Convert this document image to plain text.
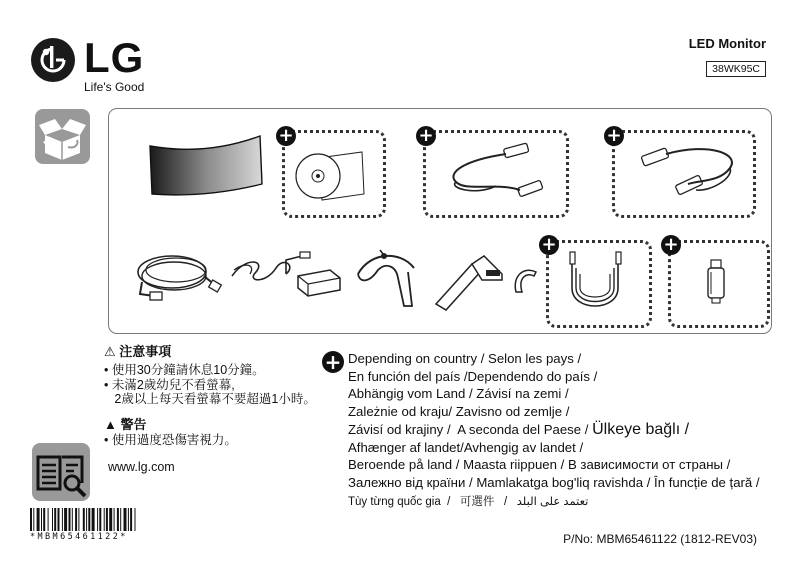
LG
Life's Good
LED Monitor
38WK95C
+	+	+
+	+
⚠ 注意事項
• 使用30分鐘請休息10分鐘。
• 未滿2歲幼兒不看螢幕,
2歲以上每天看螢幕不要超過1小時。
▲ 警告
• 使用過度恐傷害視力。
www.lg.com
+ Depending on country / Selon les pays /
En función del país /Dependendo do país /
Abhängig vom Land / Závisí na zemi /
Zależnie od kraju/ Zavisno od zemlje /
Závisí od krajiny /  A seconda del Paese / Ülkeye bağlı /
Afhænger af landet/Avhengig av landet /
Beroende på land / Maasta riippuen / В зависимости от страны /
Залежно від країни / Mamlakatga bog'liq ravishda / În funcție de țară /
Tùy từng quốc gia  /   可選件   /   تعتمد على البلد
*MBM65461122*	P/No: MBM65461122 (1812-REV03)
